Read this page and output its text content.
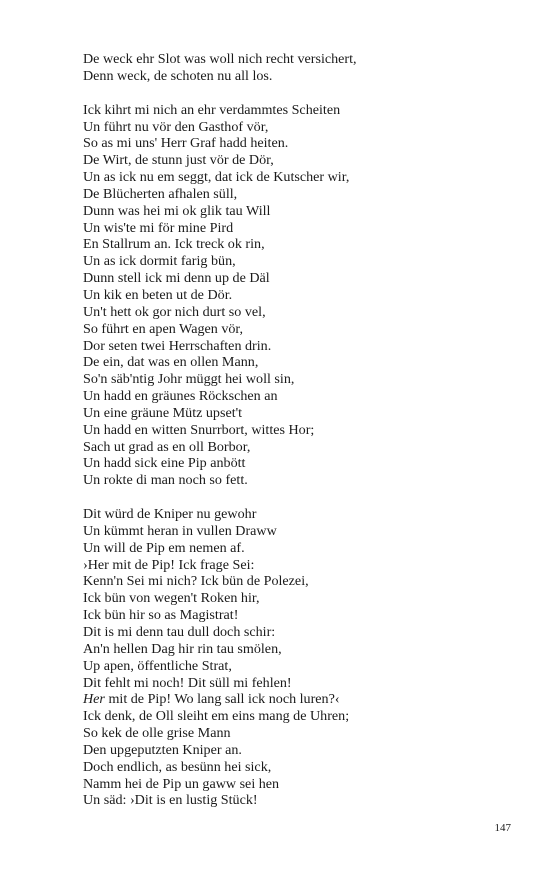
De weck ehr Slot was woll nich recht versichert,
Denn weck, de schoten nu all los.
Ick kihrt mi nich an ehr verdammtes Scheiten
Un führt nu vör den Gasthof vör,
So as mi uns' Herr Graf hadd heiten.
De Wirt, de stunn just vör de Dör,
Un as ick nu em seggt, dat ick de Kutscher wir,
De Blücherten afhalen süll,
Dunn was hei mi ok glik tau Will
Un wis'te mi för mine Pird
En Stallrum an. Ick treck ok rin,
Un as ick dormit farig bün,
Dunn stell ick mi denn up de Däl
Un kik en beten ut de Dör.
Un't hett ok gor nich durt so vel,
So führt en apen Wagen vör,
Dor seten twei Herrschaften drin.
De ein, dat was en ollen Mann,
So'n säb'ntig Johr müggt hei woll sin,
Un hadd en gräunes Röckschen an
Un eine gräune Mütz upset't
Un hadd en witten Snurrbort, wittes Hor;
Sach ut grad as en oll Borbor,
Un hadd sick eine Pip anbött
Un rokte di man noch so fett.
Dit würd de Kniper nu gewohr
Un kümmt heran in vullen Draww
Un will de Pip em nemen af.
›Her mit de Pip! Ick frage Sei:
Kenn'n Sei mi nich? Ick bün de Polezei,
Ick bün von wegen't Roken hir,
Ick bün hir so as Magistrat!
Dit is mi denn tau dull doch schir:
An'n hellen Dag hir rin tau smölen,
Up apen, öffentliche Strat,
Dit fehlt mi noch! Dit süll mi fehlen!
Her mit de Pip! Wo lang sall ick noch luren?‹
Ick denk, de Oll sleiht em eins mang de Uhren;
So kek de olle grise Mann
Den upgeputzten Kniper an.
Doch endlich, as besünn hei sick,
Namm hei de Pip un gaww sei hen
Un säd: ›Dit is en lustig Stück!
147
